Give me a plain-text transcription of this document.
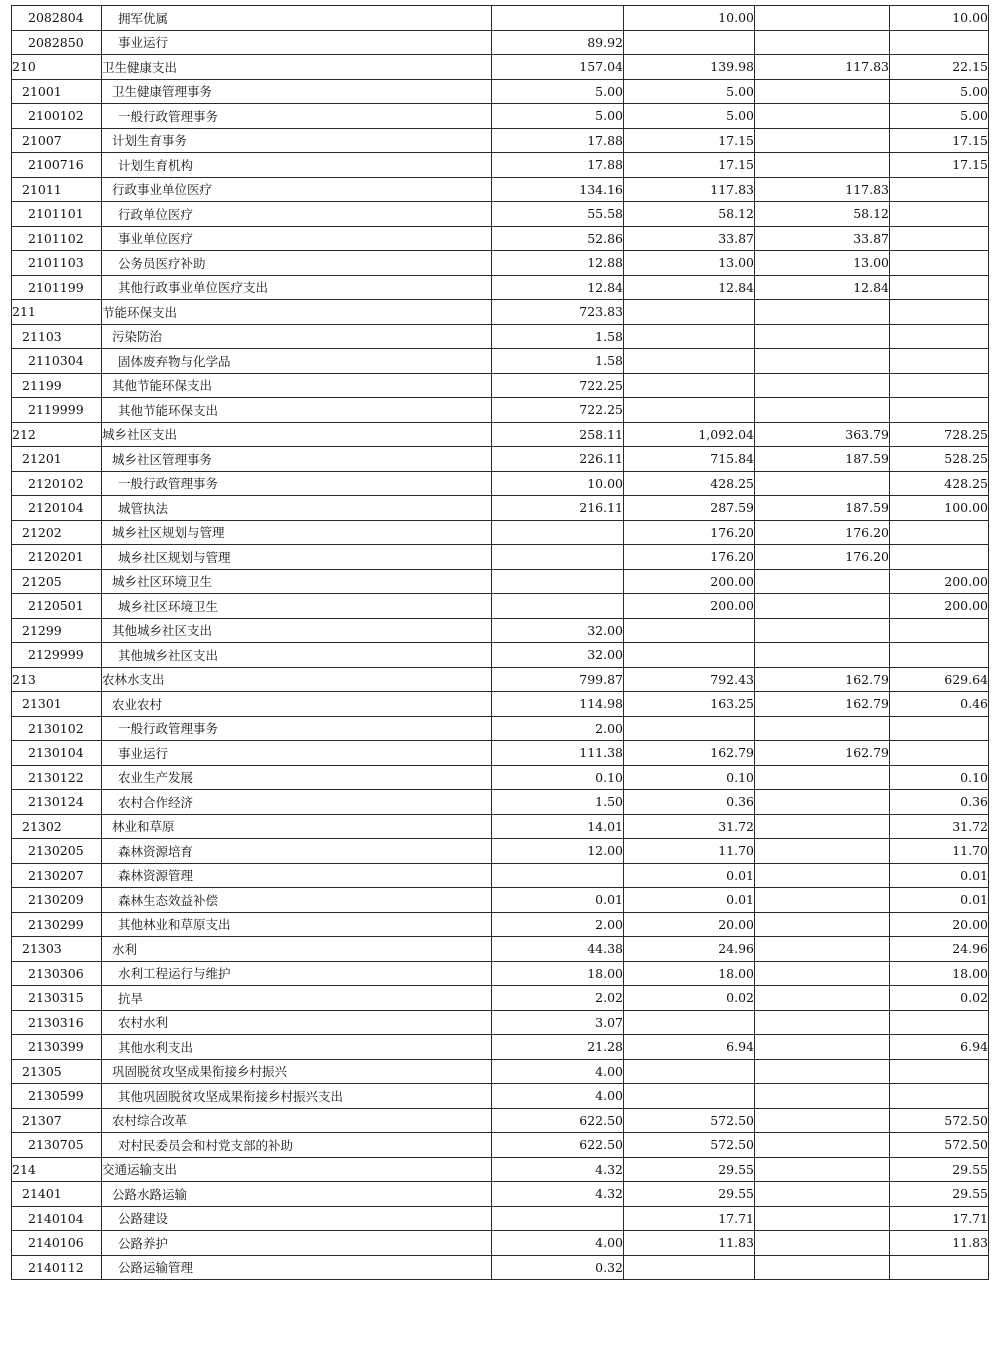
2082804	拥军优属		10.00		10.00
2082850	事业运行	89.92			
210	卫生健康支出	157.04	139.98	117.83	22.15
21001	卫生健康管理事务	5.00	5.00		5.00
2100102	一般行政管理事务	5.00	5.00		5.00
21007	计划生育事务	17.88	17.15		17.15
2100716	计划生育机构	17.88	17.15		17.15
21011	行政事业单位医疗	134.16	117.83	117.83	
2101101	行政单位医疗	55.58	58.12	58.12	
2101102	事业单位医疗	52.86	33.87	33.87	
2101103	公务员医疗补助	12.88	13.00	13.00	
2101199	其他行政事业单位医疗支出	12.84	12.84	12.84	
211	节能环保支出	723.83			
21103	污染防治	1.58			
2110304	固体废弃物与化学品	1.58			
21199	其他节能环保支出	722.25			
2119999	其他节能环保支出	722.25			
212	城乡社区支出	258.11	1,092.04	363.79	728.25
21201	城乡社区管理事务	226.11	715.84	187.59	528.25
2120102	一般行政管理事务	10.00	428.25		428.25
2120104	城管执法	216.11	287.59	187.59	100.00
21202	城乡社区规划与管理		176.20	176.20	
2120201	城乡社区规划与管理		176.20	176.20	
21205	城乡社区环境卫生		200.00		200.00
2120501	城乡社区环境卫生		200.00		200.00
21299	其他城乡社区支出	32.00			
2129999	其他城乡社区支出	32.00			
213	农林水支出	799.87	792.43	162.79	629.64
21301	农业农村	114.98	163.25	162.79	0.46
2130102	一般行政管理事务	2.00			
2130104	事业运行	111.38	162.79	162.79	
2130122	农业生产发展	0.10	0.10		0.10
2130124	农村合作经济	1.50	0.36		0.36
21302	林业和草原	14.01	31.72		31.72
2130205	森林资源培育	12.00	11.70		11.70
2130207	森林资源管理		0.01		0.01
2130209	森林生态效益补偿	0.01	0.01		0.01
2130299	其他林业和草原支出	2.00	20.00		20.00
21303	水利	44.38	24.96		24.96
2130306	水利工程运行与维护	18.00	18.00		18.00
2130315	抗旱	2.02	0.02		0.02
2130316	农村水利	3.07			
2130399	其他水利支出	21.28	6.94		6.94
21305	巩固脱贫攻坚成果衔接乡村振兴	4.00			
2130599	其他巩固脱贫攻坚成果衔接乡村振兴支出	4.00			
21307	农村综合改革	622.50	572.50		572.50
2130705	对村民委员会和村党支部的补助	622.50	572.50		572.50
214	交通运输支出	4.32	29.55		29.55
21401	公路水路运输	4.32	29.55		29.55
2140104	公路建设		17.71		17.71
2140106	公路养护	4.00	11.83		11.83
2140112	公路运输管理	0.32			
